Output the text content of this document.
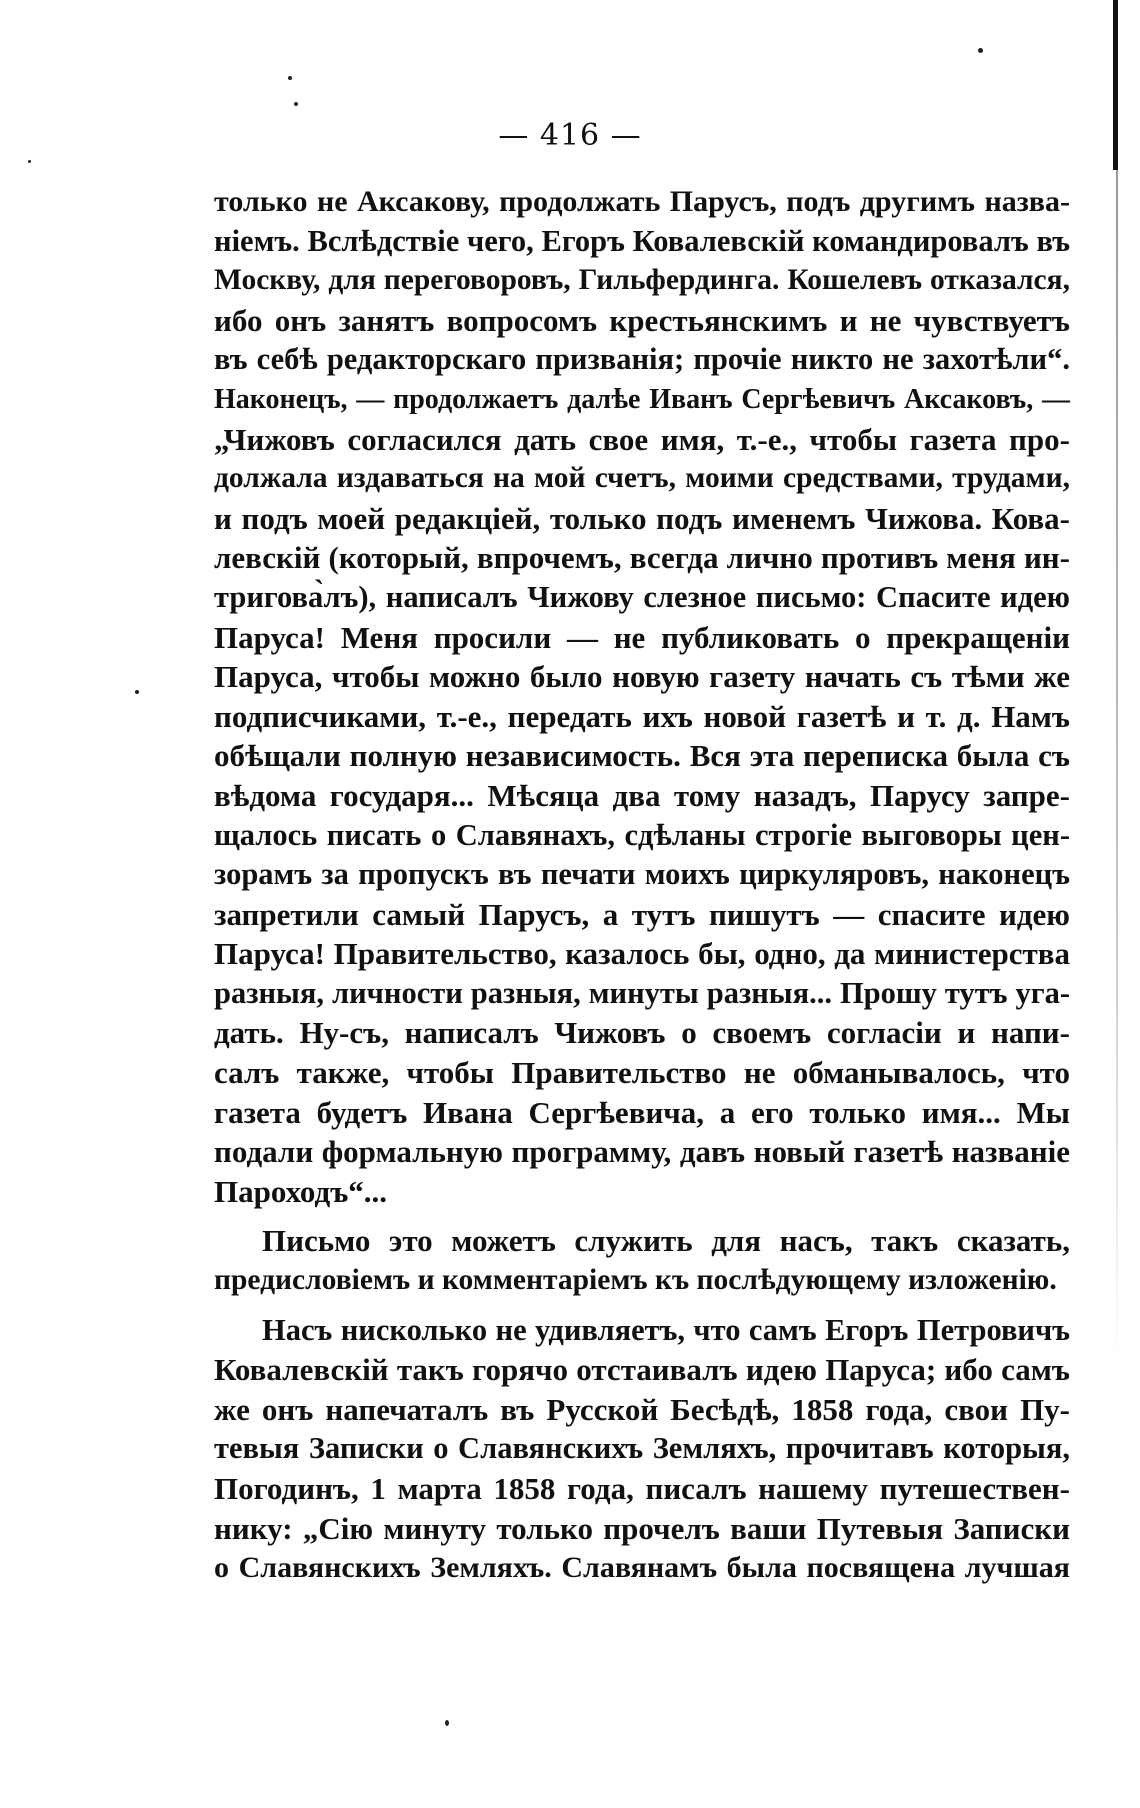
— 416 —

только не Аксакову, продолжать Парусъ, подъ другимъ назва-

ніемъ. Вслѣдствіе чего, Егоръ Ковалевскій командировалъ въ

Москву, для переговоровъ, Гильфердинга. Кошелевъ отказался,

ибо онъ занятъ вопросомъ крестьянскимъ и не чувствуетъ

въ себѣ редакторскаго призванія; прочіе никто не захотѣли“.

Наконецъ, — продолжаетъ далѣе Иванъ Сергѣевичъ Аксаковъ, —

„Чижовъ согласился дать свое имя, т.-е., чтобы газета про-

должала издаваться на мой счетъ, моими средствами, трудами,

и подъ моей редакціей, только подъ именемъ Чижова. Кова-

левскій (который, впрочемъ, всегда лично противъ меня ин-

тригова̀лъ), написалъ Чижову слезное письмо: Спасите идею

Паруса! Меня просили — не публиковать о прекращеніи

Паруса, чтобы можно было новую газету начать съ тѣми же

подписчиками, т.-е., передать ихъ новой газетѣ и т. д. Намъ

обѣщали полную независимость. Вся эта переписка была съ

вѣдома государя... Мѣсяца два тому назадъ, Парусу запре-

щалось писать о Славянахъ, сдѣланы строгіе выговоры цен-

зорамъ за пропускъ въ печати моихъ циркуляровъ, наконецъ

запретили самый Парусъ, а тутъ пишутъ — спасите идею

Паруса! Правительство, казалось бы, одно, да министерства

разныя, личности разныя, минуты разныя... Прошу тутъ уга-

дать. Ну-съ, написалъ Чижовъ о своемъ согласіи и напи-

салъ также, чтобы Правительство не обманывалось, что

газета будетъ Ивана Сергѣевича, а его только имя... Мы

подали формальную программу, давъ новый газетѣ названіе

Пароходъ“...

Письмо это можетъ служить для насъ, такъ сказать,

предисловіемъ и комментаріемъ къ послѣдующему изложенію.

Насъ нисколько не удивляетъ, что самъ Егоръ Петровичъ

Ковалевскій такъ горячо отстаивалъ идею Паруса; ибо самъ

же онъ напечаталъ въ Русской Бесѣдѣ, 1858 года, свои Пу-

тевыя Записки о Славянскихъ Земляхъ, прочитавъ которыя,

Погодинъ, 1 марта 1858 года, писалъ нашему путешествен-

нику: „Сію минуту только прочелъ ваши Путевыя Записки

о Славянскихъ Земляхъ. Славянамъ была посвящена лучшая
